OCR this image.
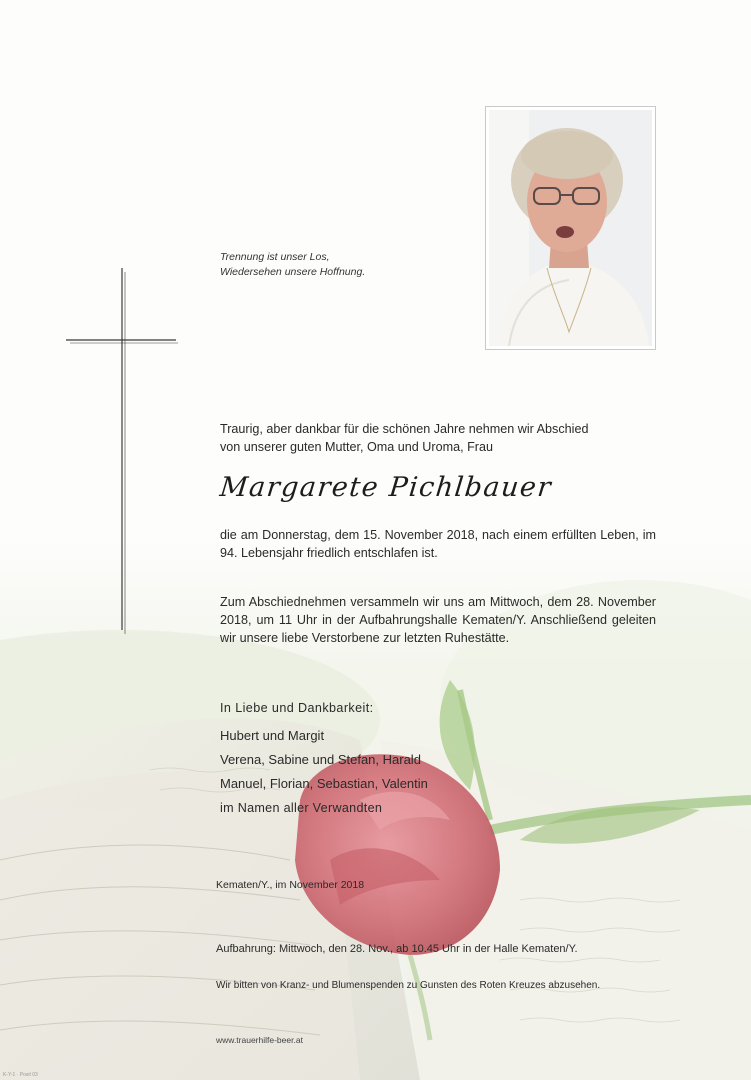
Trennung ist unser Los,
Wiedersehen unsere Hoffnung.
Traurig, aber dankbar für die schönen Jahre nehmen wir Abschied
von unserer guten Mutter, Oma und Uroma, Frau
Margarete Pichlbauer
die am Donnerstag, dem 15. November 2018, nach einem erfüllten Leben, im 94. Lebensjahr friedlich entschlafen ist.
Zum Abschiednehmen versammeln wir uns am Mittwoch, dem 28. November 2018, um 11 Uhr in der Aufbahrungshalle Kematen/Y. Anschließend geleiten wir unsere liebe Verstorbene zur letzten Ruhestätte.
In Liebe und Dankbarkeit:
Hubert und Margit
Verena, Sabine und Stefan, Harald
Manuel, Florian, Sebastian, Valentin
im Namen aller Verwandten
Kematen/Y., im November 2018
Aufbahrung: Mittwoch, den 28. Nov., ab 10.45 Uhr in der Halle Kematen/Y.
Wir bitten von Kranz- und Blumenspenden zu Gunsten des Roten Kreuzes abzusehen.
www.trauerhilfe-beer.at
K-Y-1 · Posit 03
